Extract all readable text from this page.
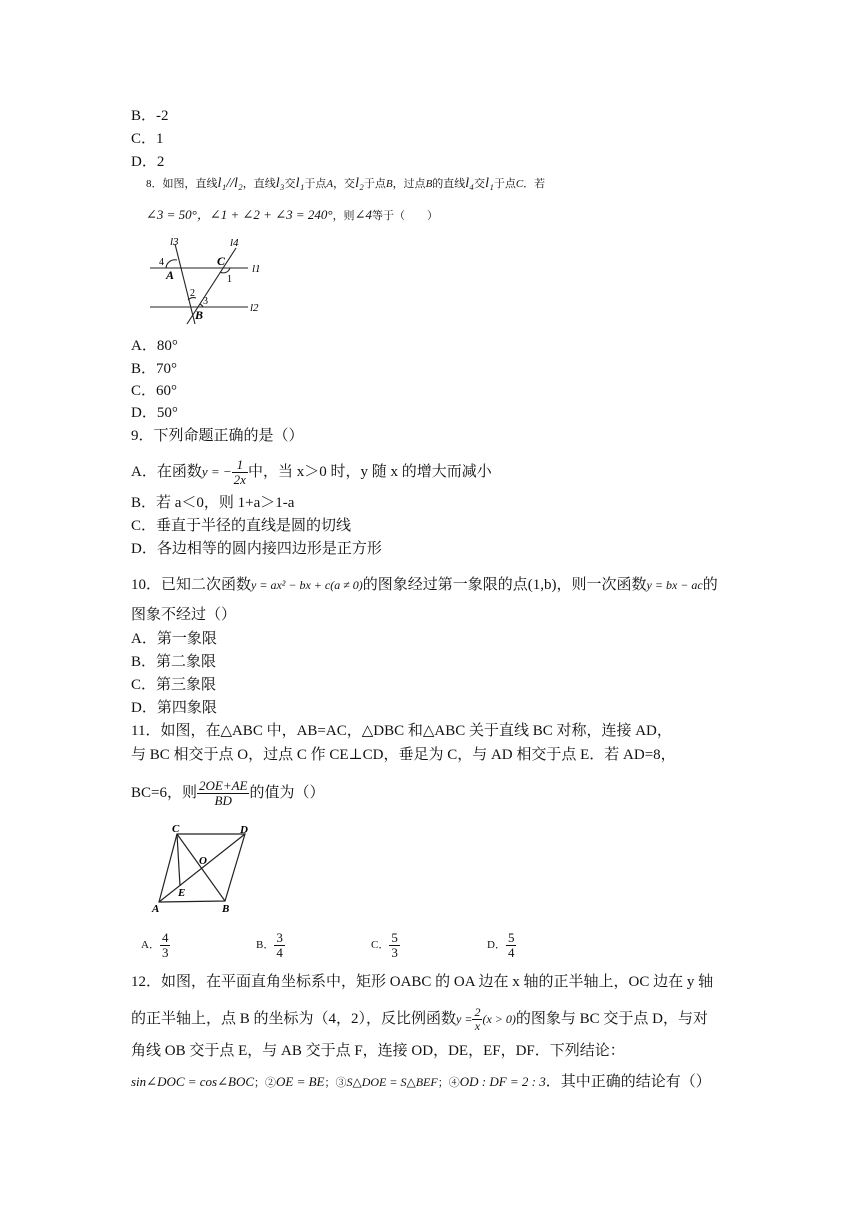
B．-2
C．1
D．2
8．如图，直线l₁//l₂，直线l₃交l₁于点A，交l₂于点B，过点B的直线l₄交l₁于点C．若
∠3 = 50°，∠1 + ∠2 + ∠3 = 240°，则∠4等于（　　）
l3	l4
l1
l2
4
A
C
1
2
3
B
A．80°
B．70°
C．60°
D．50°
9．下列命题正确的是（）
A．在函数y = − $\frac{1}{2x}$ 中，当 x＞0 时，y 随 x 的增大而减小
B．若 a＜0，则 1+a＞1-a
C．垂直于半径的直线是圆的切线
D．各边相等的圆内接四边形是正方形
10．已知二次函数y = ax² − bx + c(a ≠ 0)的图象经过第一象限的点(1,b)，则一次函数y = bx − ac的
图象不经过（）
A．第一象限
B．第二象限
C．第三象限
D．第四象限
11．如图，在△ABC 中，AB=AC，△DBC 和△ABC 关于直线 BC 对称，连接 AD，
与 BC 相交于点 O，过点 C 作 CE⊥CD，垂足为 C，与 AD 相交于点 E．若 AD=8，
BC=6，则 $\frac{2OE+AE}{BD}$ 的值为（）
C	D
O
E
A	B
A． $\frac{4}{3}$	B． $\frac{3}{4}$	C． $\frac{5}{3}$	D． $\frac{5}{4}$
12．如图，在平面直角坐标系中，矩形 OABC 的 OA 边在 x 轴的正半轴上，OC 边在 y 轴
的正半轴上，点 B 的坐标为（4，2），反比例函数$y = \frac{2}{x} (x > 0)$的图象与 BC 交于点 D，与对
角线 OB 交于点 E，与 AB 交于点 F，连接 OD，DE，EF，DF．下列结论：
sin∠DOC = cos∠BOC；②OE = BE；③S△DOE = S△BEF；④OD : DF = 2 : 3．其中正确的结论有（）
